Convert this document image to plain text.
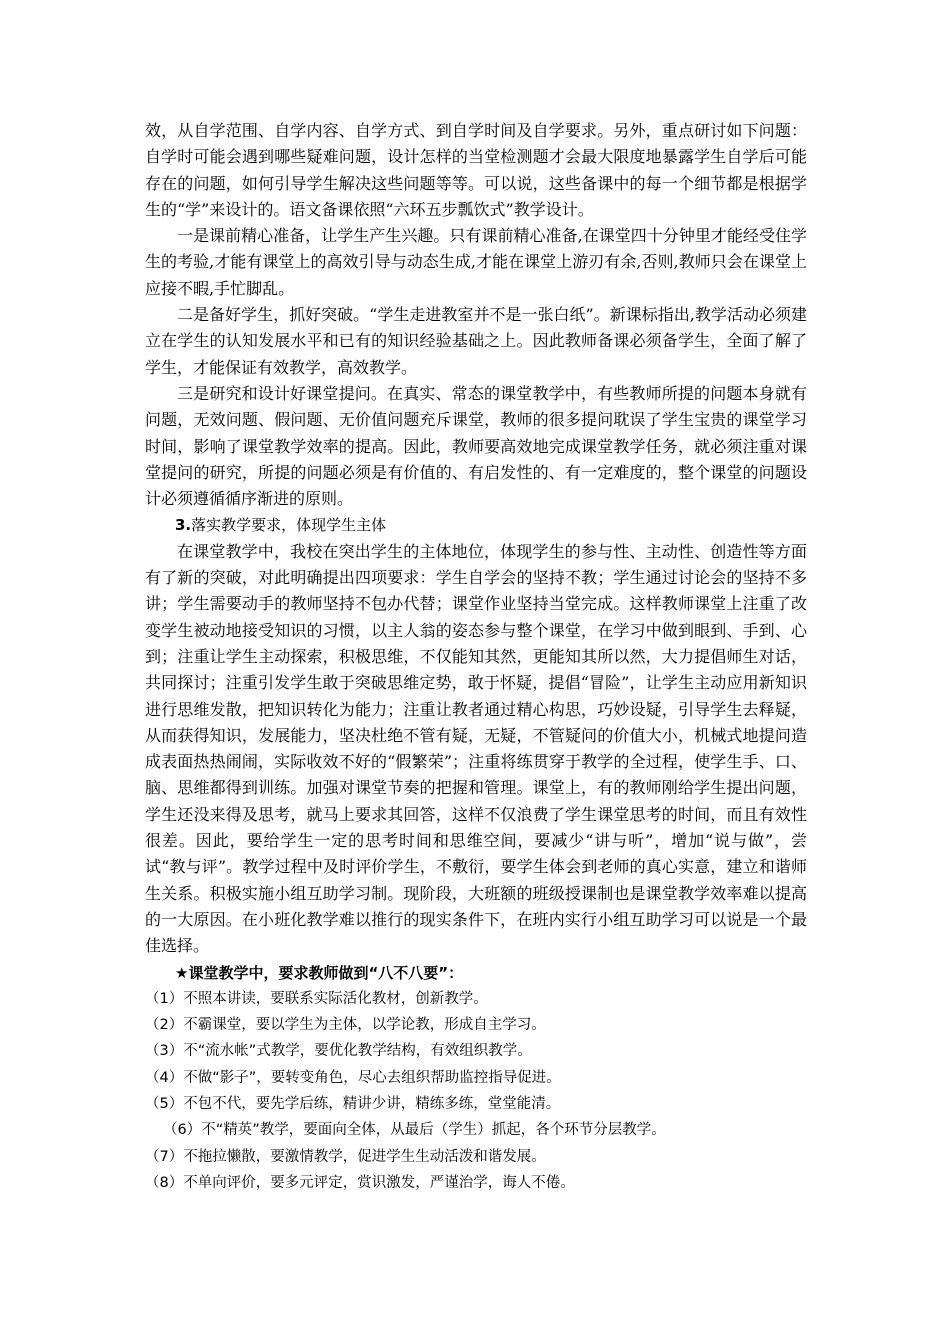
效，从自学范围、自学内容、自学方式、到自学时间及自学要求。另外，重点研讨如下问题：自学时可能会遇到哪些疑难问题，设计怎样的当堂检测题才会最大限度地暴露学生自学后可能存在的问题，如何引导学生解决这些问题等等。可以说，这些备课中的每一个细节都是根据学生的“学”来设计的。语文备课依照“六环五步瓢饮式”教学设计。

一是课前精心准备，让学生产生兴趣。只有课前精心准备,在课堂四十分钟里才能经受住学生的考验,才能有课堂上的高效引导与动态生成,才能在课堂上游刃有余,否则,教师只会在课堂上应接不暇,手忙脚乱。

二是备好学生，抓好突破。“学生走进教室并不是一张白纸”。新课标指出,教学活动必须建立在学生的认知发展水平和已有的知识经验基础之上。因此教师备课必须备学生，全面了解了学生，才能保证有效教学，高效教学。

三是研究和设计好课堂提问。在真实、常态的课堂教学中，有些教师所提的问题本身就有问题，无效问题、假问题、无价值问题充斥课堂，教师的很多提问耽误了学生宝贵的课堂学习时间，影响了课堂教学效率的提高。因此，教师要高效地完成课堂教学任务，就必须注重对课堂提问的研究，所提的问题必须是有价值的、有启发性的、有一定难度的，整个课堂的问题设计必须遵循循序渐进的原则。

3.落实教学要求，体现学生主体

在课堂教学中，我校在突出学生的主体地位，体现学生的参与性、主动性、创造性等方面有了新的突破，对此明确提出四项要求：学生自学会的坚持不教；学生通过讨论会的坚持不多讲；学生需要动手的教师坚持不包办代替；课堂作业坚持当堂完成。这样教师课堂上注重了改变学生被动地接受知识的习惯，以主人翁的姿态参与整个课堂，在学习中做到眼到、手到、心到；注重让学生主动探索，积极思维，不仅能知其然，更能知其所以然，大力提倡师生对话，共同探讨；注重引发学生敢于突破思维定势，敢于怀疑，提倡“冒险”，让学生主动应用新知识进行思维发散，把知识转化为能力；注重让教者通过精心构思，巧妙设疑，引导学生去释疑，从而获得知识，发展能力，坚决杜绝不管有疑，无疑，不管疑问的价值大小，机械式地提问造成表面热热闹闹，实际收效不好的“假繁荣”；注重将练贯穿于教学的全过程，使学生手、口、脑、思维都得到训练。加强对课堂节奏的把握和管理。课堂上，有的教师刚给学生提出问题，学生还没来得及思考，就马上要求其回答，这样不仅浪费了学生课堂思考的时间，而且有效性很差。因此，要给学生一定的思考时间和思维空间，要减少“讲与听”，增加“说与做”，尝试“教与评”。教学过程中及时评价学生，不敷衍，要学生体会到老师的真心实意，建立和谐师生关系。积极实施小组互助学习制。现阶段，大班额的班级授课制也是课堂教学效率难以提高的一大原因。在小班化教学难以推行的现实条件下，在班内实行小组互助学习可以说是一个最佳选择。

★课堂教学中，要求教师做到“八不八要”：

（1）不照本讲读，要联系实际活化教材，创新教学。

（2）不霸课堂，要以学生为主体，以学论教，形成自主学习。

（3）不“流水帐”式教学，要优化教学结构，有效组织教学。

（4）不做“影子”，要转变角色，尽心去组织帮助监控指导促进。

（5）不包不代，要先学后练，精讲少讲，精练多练，堂堂能清。

（6）不“精英”教学，要面向全体，从最后（学生）抓起，各个环节分层教学。

（7）不拖拉懒散，要激情教学，促进学生生动活泼和谐发展。

（8）不单向评价，要多元评定，赏识激发，严谨治学，诲人不倦。
